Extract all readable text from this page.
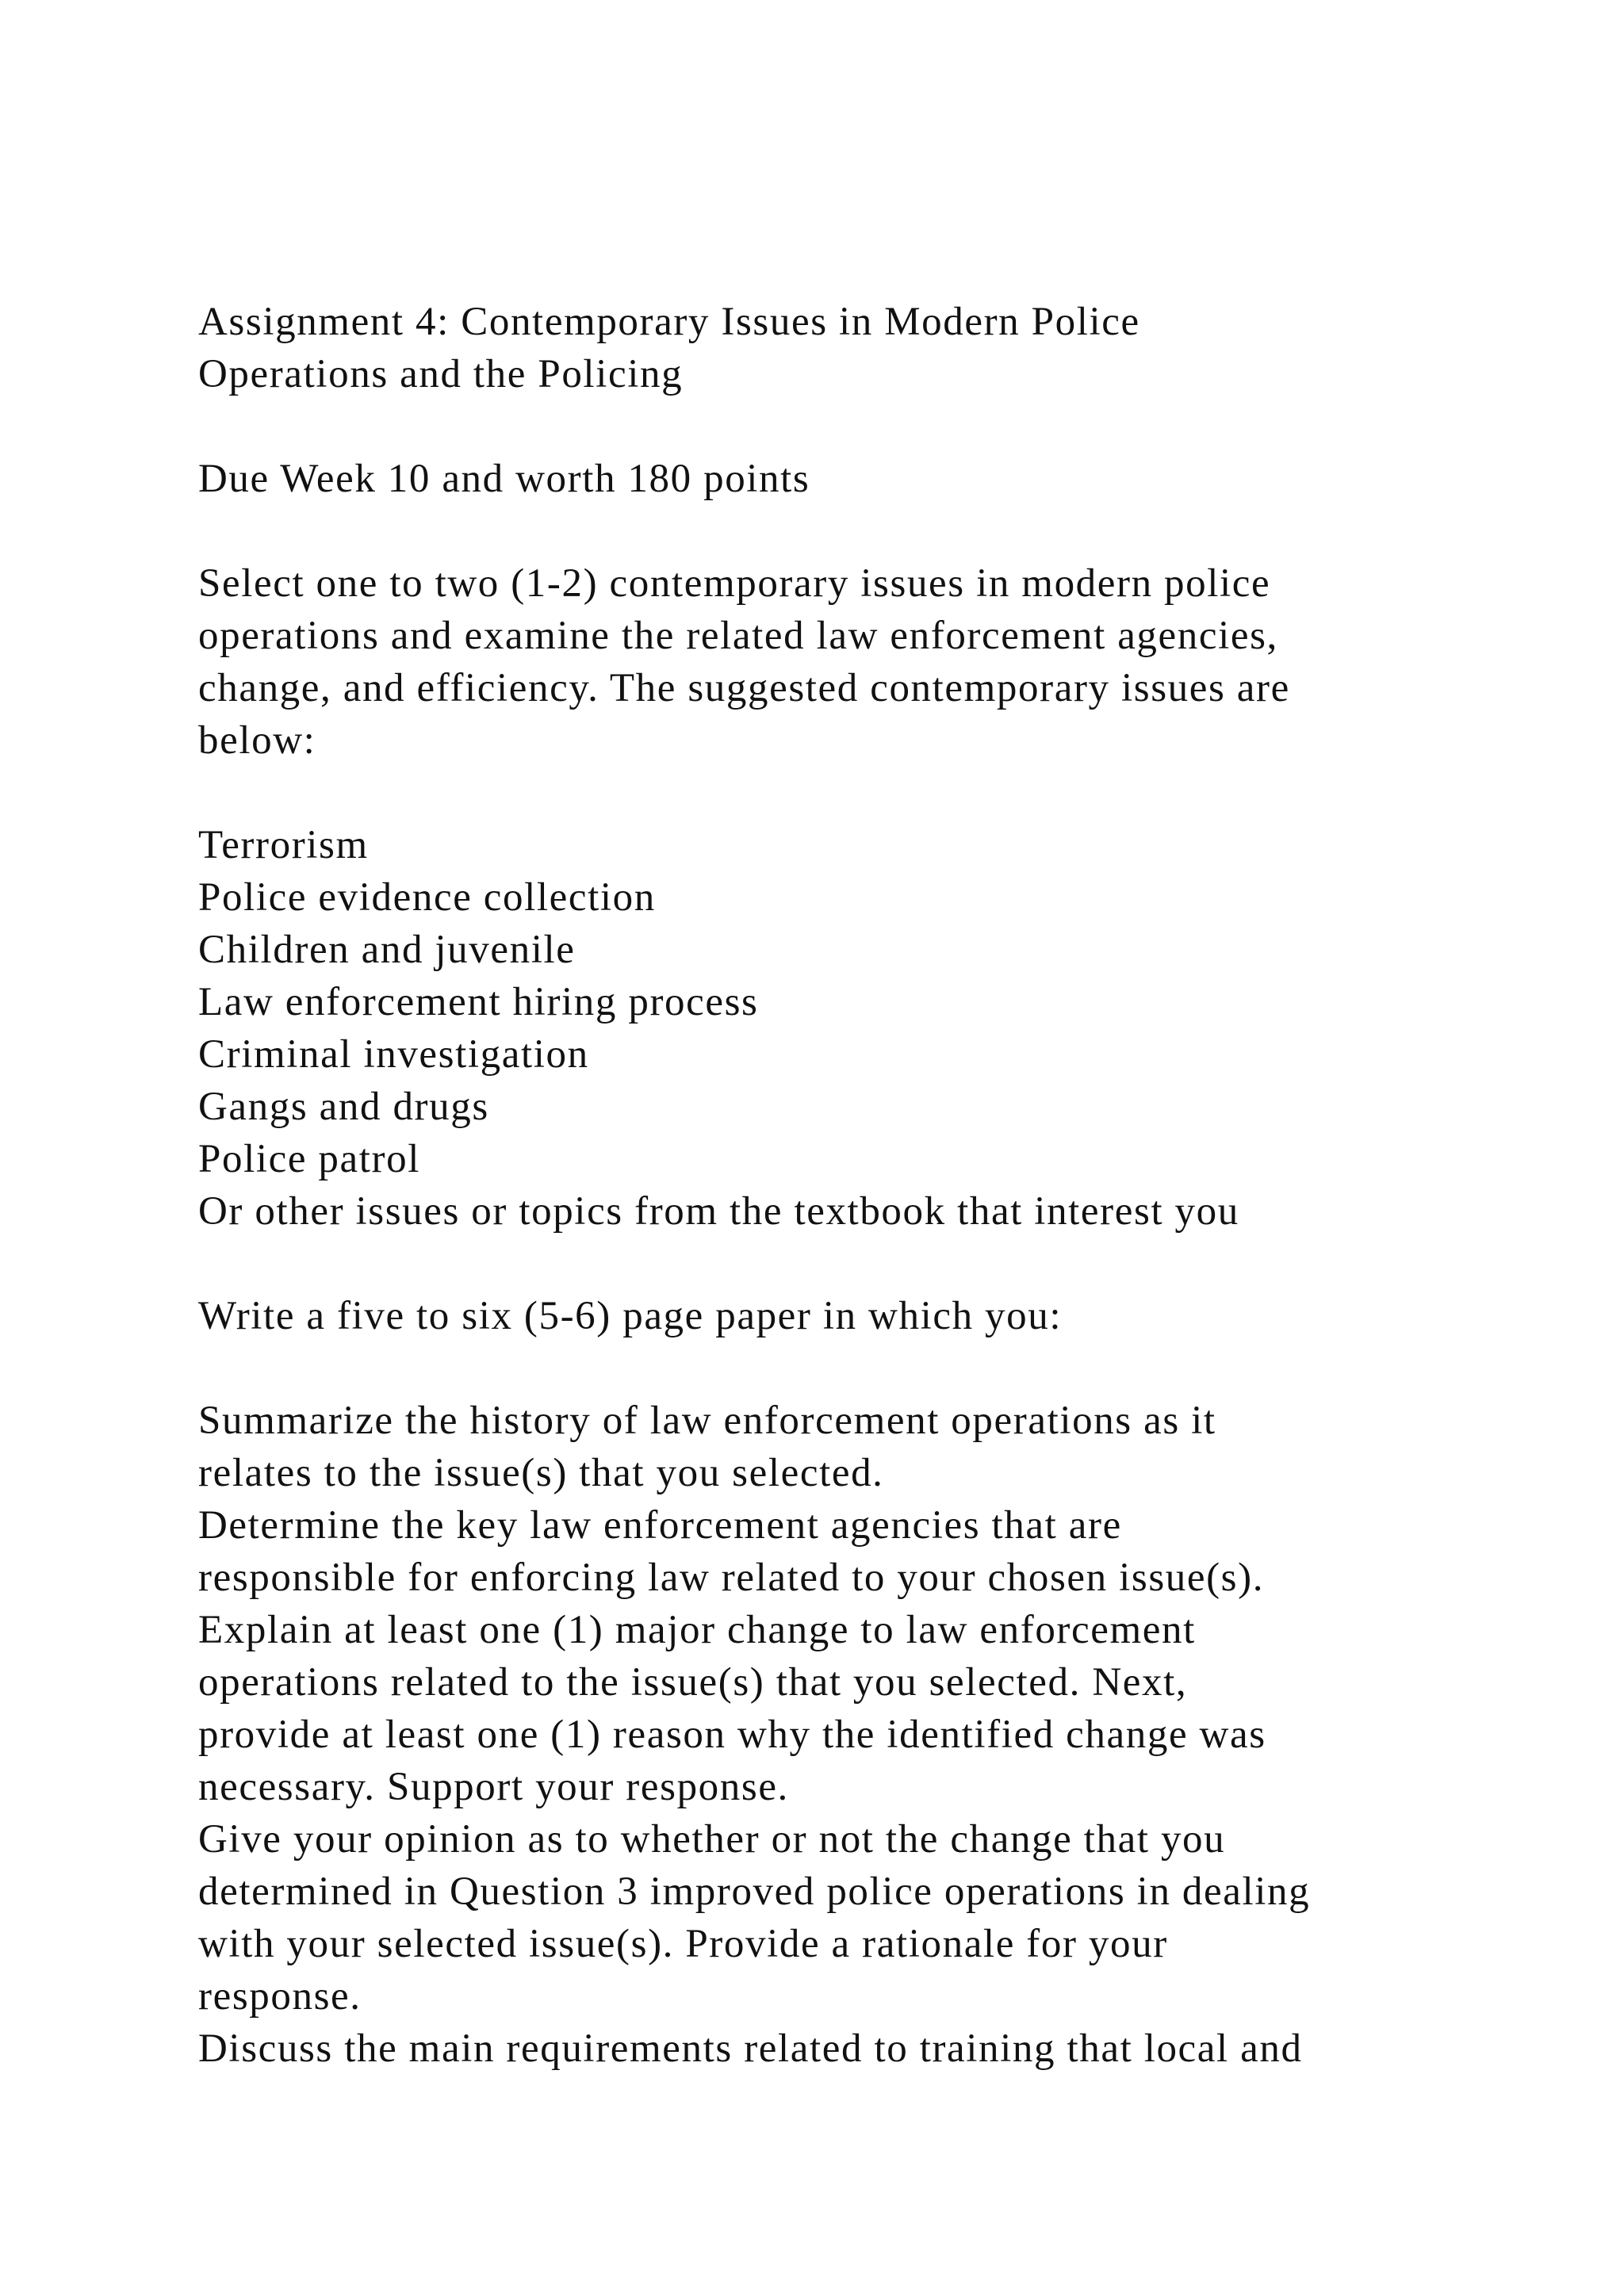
Assignment 4: Contemporary Issues in Modern Police
Operations and the Policing
Due Week 10 and worth 180 points
Select one to two (1-2) contemporary issues in modern police
operations and examine the related law enforcement agencies,
change, and efficiency. The suggested contemporary issues are
below:
Terrorism
Police evidence collection
Children and juvenile
Law enforcement hiring process
Criminal investigation
Gangs and drugs
Police patrol
Or other issues or topics from the textbook that interest you
Write a five to six (5-6) page paper in which you:
Summarize the history of law enforcement operations as it
relates to the issue(s) that you selected.
Determine the key law enforcement agencies that are
responsible for enforcing law related to your chosen issue(s).
Explain at least one (1) major change to law enforcement
operations related to the issue(s) that you selected. Next,
provide at least one (1) reason why the identified change was
necessary. Support your response.
Give your opinion as to whether or not the change that you
determined in Question 3 improved police operations in dealing
with your selected issue(s). Provide a rationale for your
response.
Discuss the main requirements related to training that local and
